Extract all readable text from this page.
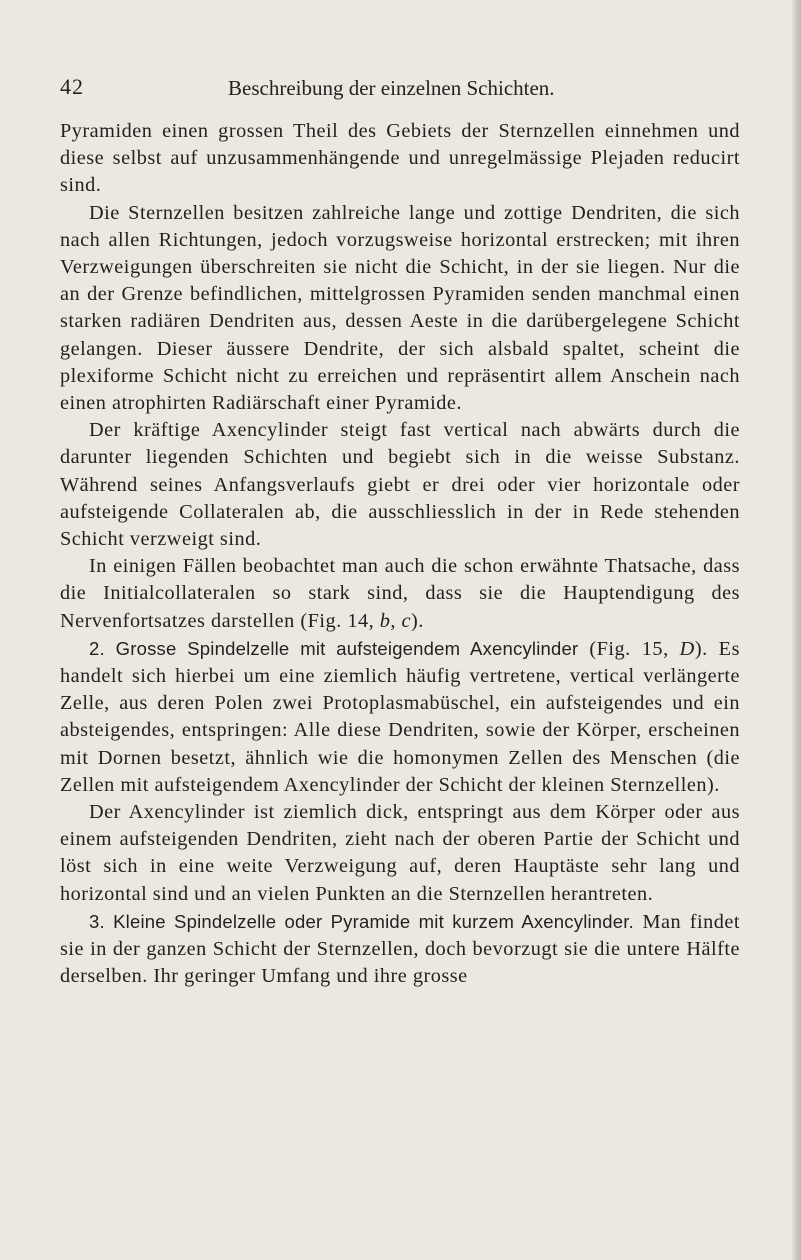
42	Beschreibung der einzelnen Schichten.

Pyramiden einen grossen Theil des Gebiets der Sternzellen einnehmen und diese selbst auf unzusammenhängende und unregelmässige Plejaden reducirt sind.

Die Sternzellen besitzen zahlreiche lange und zottige Dendriten, die sich nach allen Richtungen, jedoch vorzugsweise horizontal erstrecken; mit ihren Verzweigungen überschreiten sie nicht die Schicht, in der sie liegen. Nur die an der Grenze befindlichen, mittelgrossen Pyramiden senden manchmal einen starken radiären Dendriten aus, dessen Aeste in die darübergelegene Schicht gelangen. Dieser äussere Dendrite, der sich alsbald spaltet, scheint die plexiforme Schicht nicht zu erreichen und repräsentirt allem Anschein nach einen atrophirten Radiärschaft einer Pyramide.

Der kräftige Axencylinder steigt fast vertical nach abwärts durch die darunter liegenden Schichten und begiebt sich in die weisse Substanz. Während seines Anfangsverlaufs giebt er drei oder vier horizontale oder aufsteigende Collateralen ab, die ausschliesslich in der in Rede stehenden Schicht verzweigt sind.

In einigen Fällen beobachtet man auch die schon erwähnte Thatsache, dass die Initialcollateralen so stark sind, dass sie die Hauptendigung des Nervenfortsatzes darstellen (Fig. 14, b, c).

2. Grosse Spindelzelle mit aufsteigendem Axencylinder (Fig. 15, D). Es handelt sich hierbei um eine ziemlich häufig vertretene, vertical verlängerte Zelle, aus deren Polen zwei Protoplasmabüschel, ein aufsteigendes und ein absteigendes, entspringen: Alle diese Dendriten, sowie der Körper, erscheinen mit Dornen besetzt, ähnlich wie die homonymen Zellen des Menschen (die Zellen mit aufsteigendem Axencylinder der Schicht der kleinen Sternzellen).

Der Axencylinder ist ziemlich dick, entspringt aus dem Körper oder aus einem aufsteigenden Dendriten, zieht nach der oberen Partie der Schicht und löst sich in eine weite Verzweigung auf, deren Hauptäste sehr lang und horizontal sind und an vielen Punkten an die Sternzellen herantreten.

3. Kleine Spindelzelle oder Pyramide mit kurzem Axencylinder. Man findet sie in der ganzen Schicht der Sternzellen, doch bevorzugt sie die untere Hälfte derselben. Ihr geringer Umfang und ihre grosse
